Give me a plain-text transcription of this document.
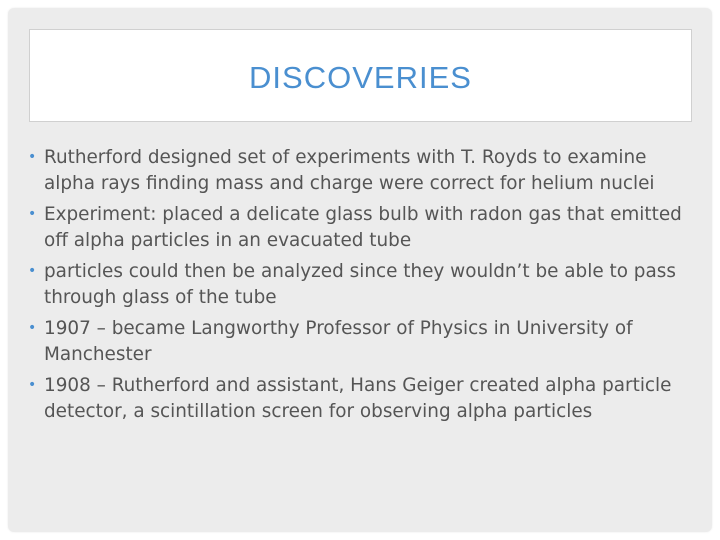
DISCOVERIES
• Rutherford designed set of experiments with T. Royds to examine alpha rays finding mass and charge were correct for helium nuclei
• Experiment: placed a delicate glass bulb with radon gas that emitted off alpha particles in an evacuated tube
• particles could then be analyzed since they wouldn’t be able to pass through glass of the tube
• 1907 – became Langworthy Professor of Physics in University of Manchester
• 1908 – Rutherford and assistant, Hans Geiger created alpha particle detector, a scintillation screen for observing alpha particles
